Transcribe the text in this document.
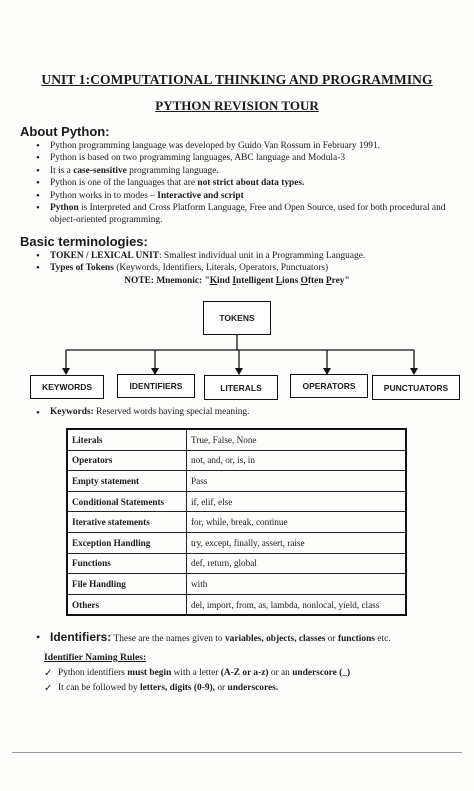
UNIT 1:COMPUTATIONAL THINKING AND PROGRAMMING
PYTHON REVISION TOUR
About Python:
• Python programming language was developed by Guido Van Rossum in February 1991.
• Python is based on two programming languages, ABC language and Modula-3
• It is a case-sensitive programming language.
• Python is one of the languages that are not strict about data types.
• Python works in to modes – Interactive and script
• Python is Interpreted and Cross Platform Language, Free and Open Source, used for both procedural and object-oriented programming.
Basic terminologies:
• TOKEN / LEXICAL UNIT: Smallest individual unit in a Programming Language.
• Types of Tokens (Keywords, Identifiers, Literals, Operators, Punctuators)
NOTE: Mnemonic: "Kind Intelligent Lions Often Prey"
TOKENS
KEYWORDS	IDENTIFIERS	LITERALS	OPERATORS	PUNCTUATORS
• Keywords: Reserved words having special meaning.
Literals	True, False, None
Operators	not, and, or, is, in
Empty statement	Pass
Conditional Statements	if, elif, else
Iterative statements	for, while, break, continue
Exception Handling	try, except, finally, assert, raise
Functions	def, return, global
File Handling	with
Others	del, import, from, as, lambda, nonlocal, yield, class
• Identifiers: These are the names given to variables, objects, classes or functions etc.
Identifier Naming Rules:
✓ Python identifiers must begin with a letter (A-Z or a-z) or an underscore (_)
✓ It can be followed by letters, digits (0-9), or underscores.
